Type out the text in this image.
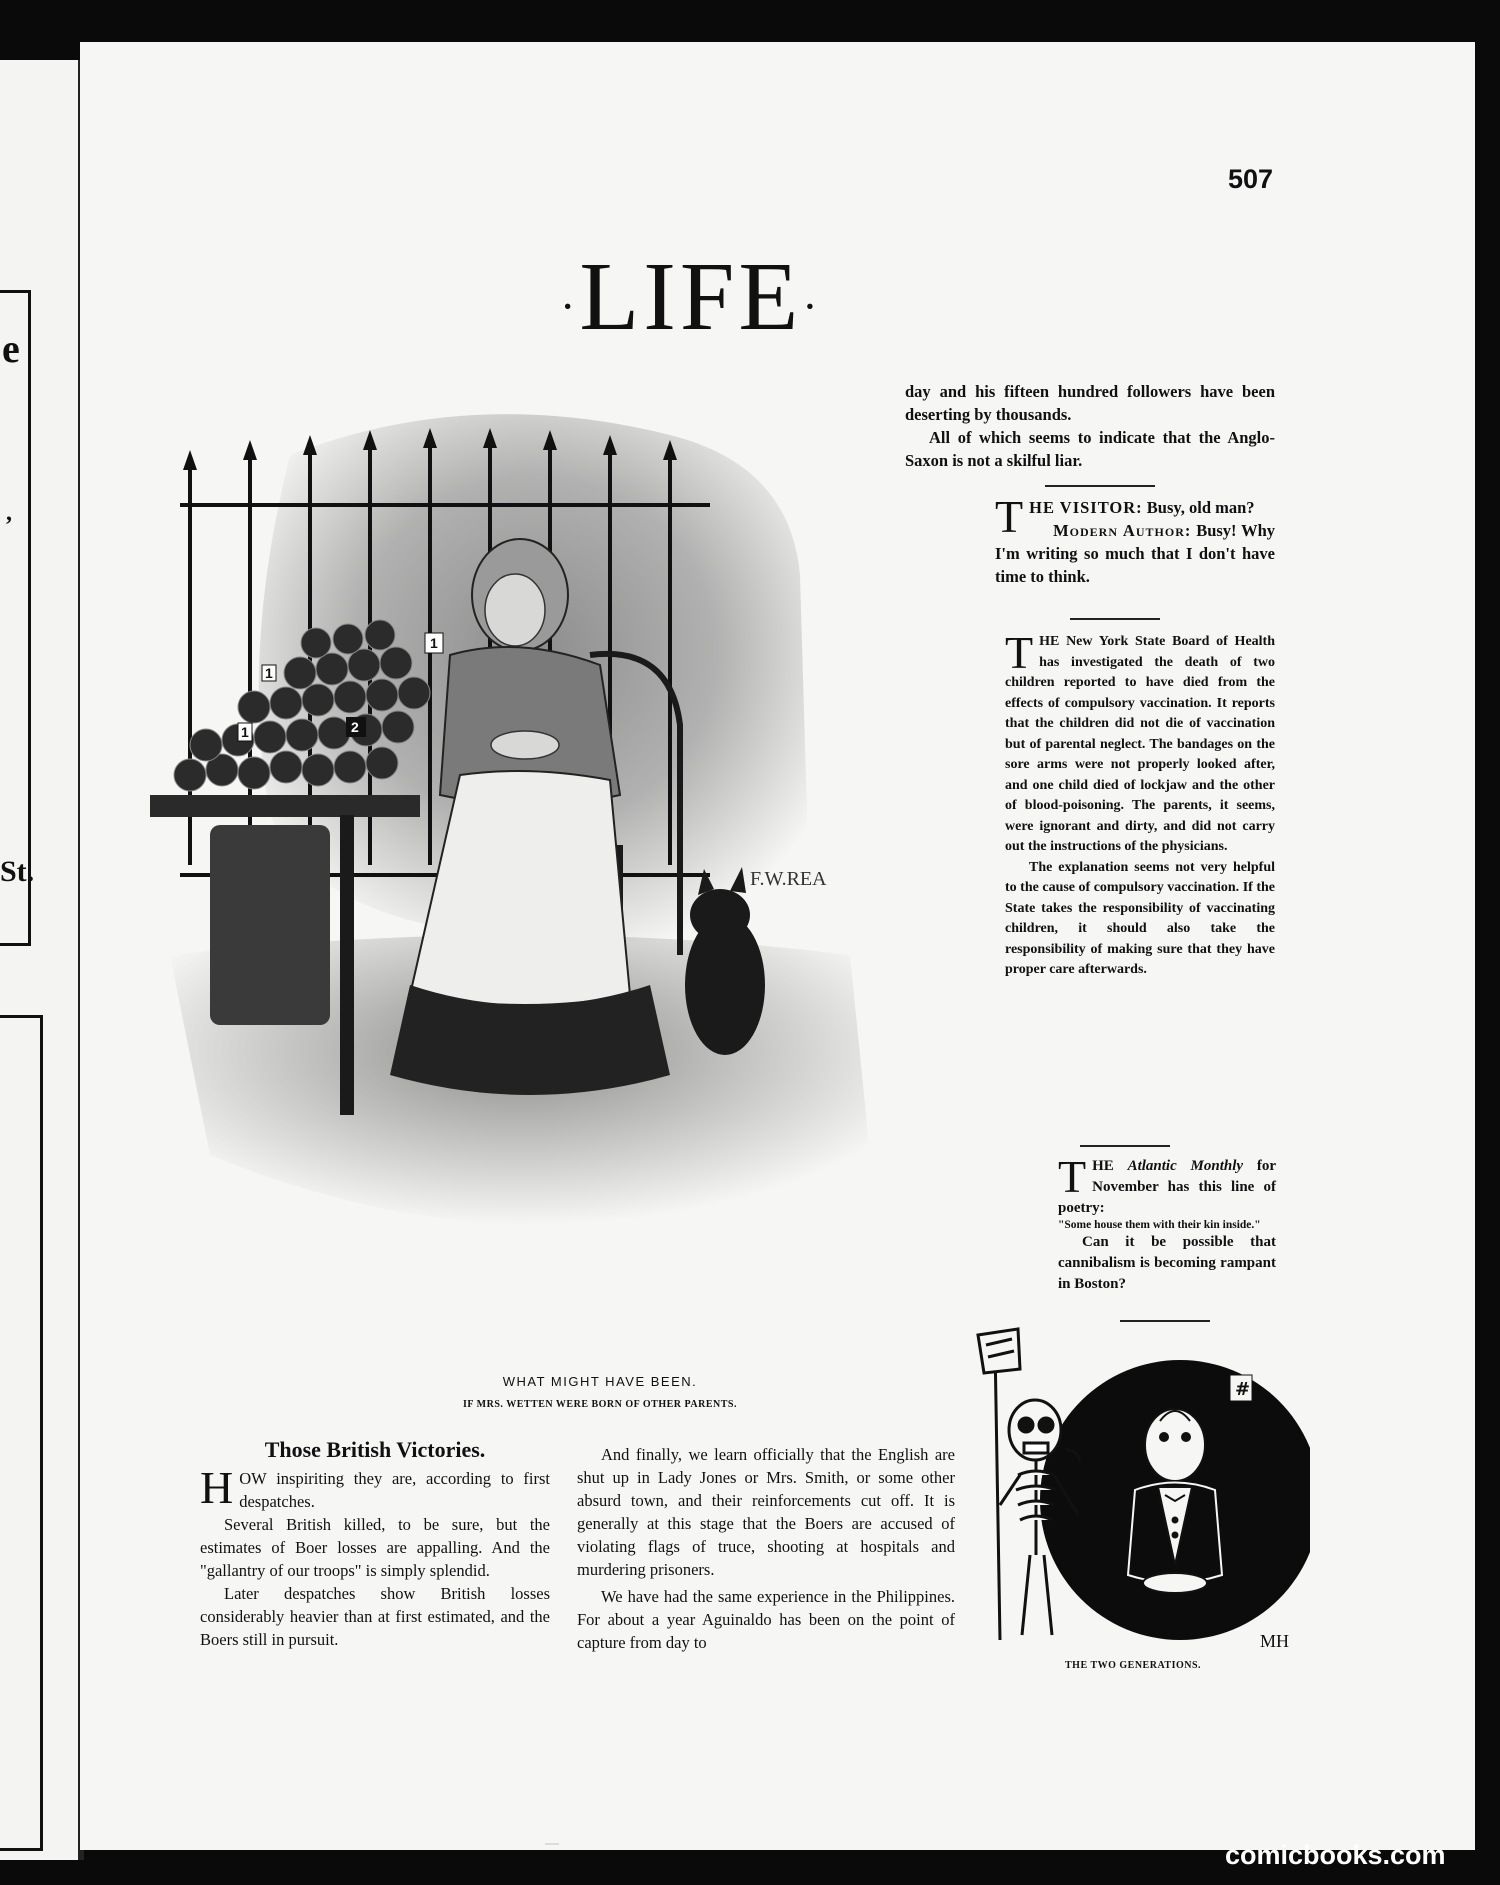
e
,
St.
507
·LIFE·
2
1
1
1
F.W.REA
WHAT MIGHT HAVE BEEN.
IF MRS. WETTEN WERE BORN OF OTHER PARENTS.

day and his fifteen hundred followers have been deserting by thousands.

All of which seems to indicate that the Anglo-Saxon is not a skilful liar.

THE VISITOR: Busy, old man?

Modern Author: Busy! Why I'm writing so much that I don't have time to think.

THE New York State Board of Health has investigated the death of two children reported to have died from the effects of compulsory vaccination. It reports that the children did not die of vaccination but of parental neglect. The bandages on the sore arms were not properly looked after, and one child died of lockjaw and the other of blood-poisoning. The parents, it seems, were ignorant and dirty, and did not carry out the instructions of the physicians.

The explanation seems not very helpful to the cause of compulsory vaccination. If the State takes the responsibility of vaccinating children, it should also take the responsibility of making sure that they have proper care afterwards.

THE Atlantic Monthly for November has this line of poetry:

"Some house them with their kin inside."

Can it be possible that cannibalism is becoming rampant in Boston?

Those British Victories.

HOW inspiriting they are, according to first despatches.

Several British killed, to be sure, but the estimates of Boer losses are appalling. And the "gallantry of our troops" is simply splendid.

Later despatches show British losses considerably heavier than at first estimated, and the Boers still in pursuit.

And finally, we learn officially that the English are shut up in Lady Jones or Mrs. Smith, or some other absurd town, and their reinforcements cut off. It is generally at this stage that the Boers are accused of violating flags of truce, shooting at hospitals and murdering prisoners.

We have had the same experience in the Philippines. For about a year Aguinaldo has been on the point of capture from day to

#
MH
THE TWO GENERATIONS.
comicbooks.com
